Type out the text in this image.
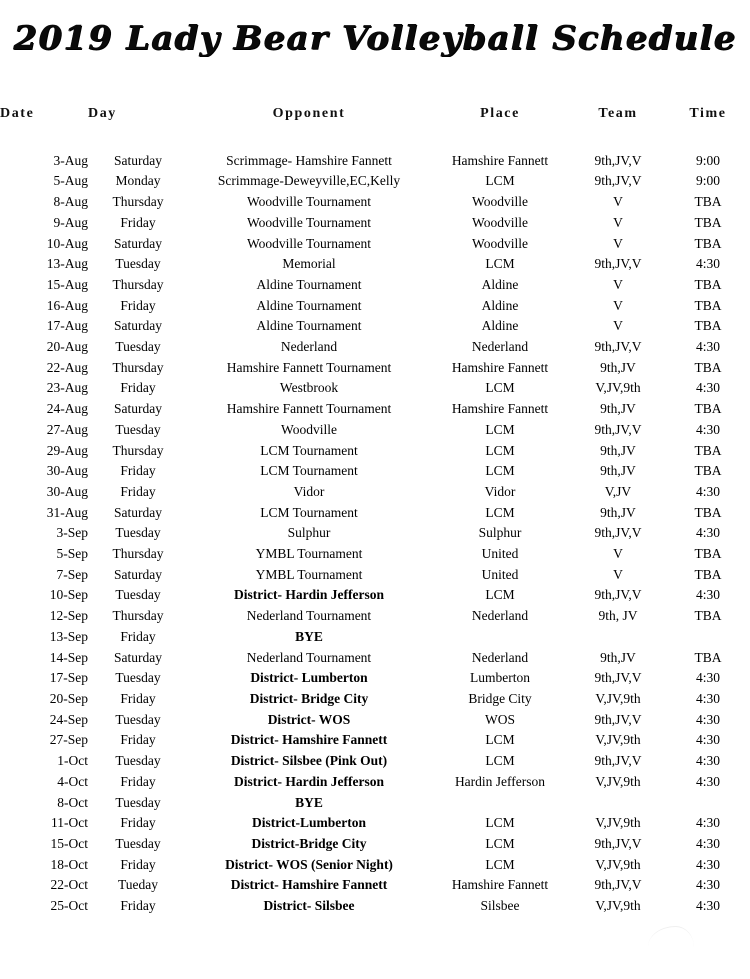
2019 Lady Bear Volleyball Schedule
Date	Day	Opponent	Place	Team	Time
3-Aug	Saturday	Scrimmage- Hamshire Fannett	Hamshire Fannett	9th,JV,V	9:00
5-Aug	Monday	Scrimmage-Deweyville,EC,Kelly	LCM	9th,JV,V	9:00
8-Aug	Thursday	Woodville Tournament	Woodville	V	TBA
9-Aug	Friday	Woodville Tournament	Woodville	V	TBA
10-Aug	Saturday	Woodville Tournament	Woodville	V	TBA
13-Aug	Tuesday	Memorial	LCM	9th,JV,V	4:30
15-Aug	Thursday	Aldine Tournament	Aldine	V	TBA
16-Aug	Friday	Aldine Tournament	Aldine	V	TBA
17-Aug	Saturday	Aldine Tournament	Aldine	V	TBA
20-Aug	Tuesday	Nederland	Nederland	9th,JV,V	4:30
22-Aug	Thursday	Hamshire Fannett Tournament	Hamshire Fannett	9th,JV	TBA
23-Aug	Friday	Westbrook	LCM	V,JV,9th	4:30
24-Aug	Saturday	Hamshire Fannett Tournament	Hamshire Fannett	9th,JV	TBA
27-Aug	Tuesday	Woodville	LCM	9th,JV,V	4:30
29-Aug	Thursday	LCM Tournament	LCM	9th,JV	TBA
30-Aug	Friday	LCM Tournament	LCM	9th,JV	TBA
30-Aug	Friday	Vidor	Vidor	V,JV	4:30
31-Aug	Saturday	LCM Tournament	LCM	9th,JV	TBA
3-Sep	Tuesday	Sulphur	Sulphur	9th,JV,V	4:30
5-Sep	Thursday	YMBL Tournament	United	V	TBA
7-Sep	Saturday	YMBL Tournament	United	V	TBA
10-Sep	Tuesday	District- Hardin Jefferson	LCM	9th,JV,V	4:30
12-Sep	Thursday	Nederland Tournament	Nederland	9th, JV	TBA
13-Sep	Friday	BYE			
14-Sep	Saturday	Nederland Tournament	Nederland	9th,JV	TBA
17-Sep	Tuesday	District- Lumberton	Lumberton	9th,JV,V	4:30
20-Sep	Friday	District- Bridge City	Bridge City	V,JV,9th	4:30
24-Sep	Tuesday	District- WOS	WOS	9th,JV,V	4:30
27-Sep	Friday	District- Hamshire Fannett	LCM	V,JV,9th	4:30
1-Oct	Tuesday	District- Silsbee (Pink Out)	LCM	9th,JV,V	4:30
4-Oct	Friday	District- Hardin Jefferson	Hardin Jefferson	V,JV,9th	4:30
8-Oct	Tuesday	BYE			
11-Oct	Friday	District-Lumberton	LCM	V,JV,9th	4:30
15-Oct	Tuesday	District-Bridge City	LCM	9th,JV,V	4:30
18-Oct	Friday	District- WOS (Senior Night)	LCM	V,JV,9th	4:30
22-Oct	Tueday	District- Hamshire Fannett	Hamshire Fannett	9th,JV,V	4:30
25-Oct	Friday	District- Silsbee	Silsbee	V,JV,9th	4:30
